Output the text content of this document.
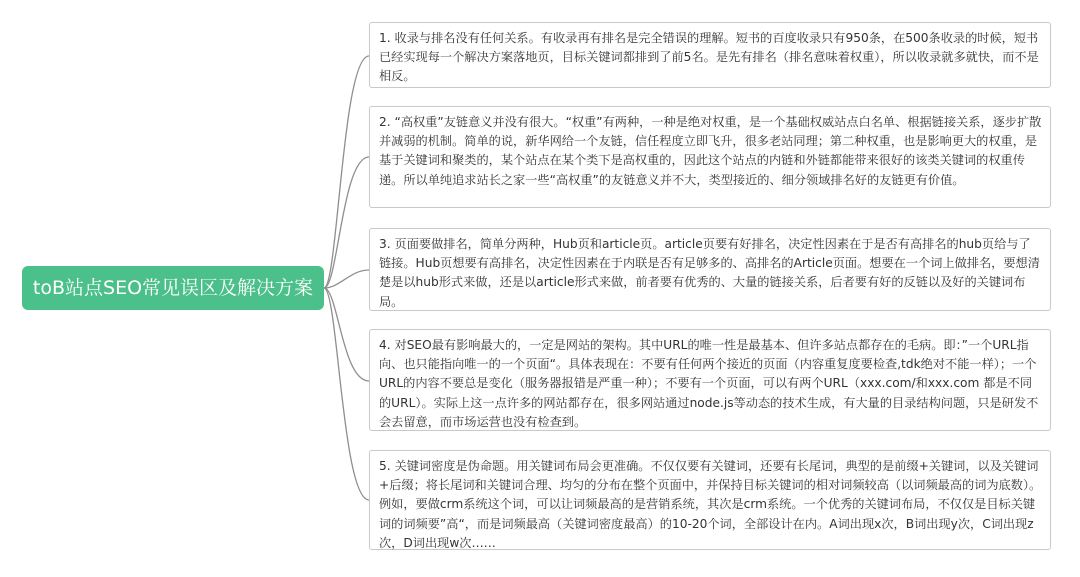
toB站点SEO常见误区及解决方案
1. 收录与排名没有任何关系。有收录再有排名是完全错误的理解。短书的百度收录只有950条，在500条收录的时候，短书已经实现每一个解决方案落地页，目标关键词都排到了前5名。是先有排名（排名意味着权重），所以收录就多就快，而不是相反。
2. “高权重”友链意义并没有很大。“权重”有两种，一种是绝对权重，是一个基础权威站点白名单、根据链接关系，逐步扩散并减弱的机制。简单的说，新华网给一个友链，信任程度立即飞升，很多老站同理；第二种权重，也是影响更大的权重，是基于关键词和聚类的，某个站点在某个类下是高权重的，因此这个站点的内链和外链都能带来很好的该类关键词的权重传递。所以单纯追求站长之家一些“高权重”的友链意义并不大，类型接近的、细分领域排名好的友链更有价值。
3. 页面要做排名，简单分两种，Hub页和article页。article页要有好排名，决定性因素在于是否有高排名的hub页给与了链接。Hub页想要有高排名，决定性因素在于内联是否有足够多的、高排名的Article页面。想要在一个词上做排名，要想清楚是以hub形式来做，还是以article形式来做，前者要有优秀的、大量的链接关系，后者要有好的反链以及好的关键词布局。
4. 对SEO最有影响最大的，一定是网站的架构。其中URL的唯一性是最基本、但许多站点都存在的毛病。即：”一个URL指向、也只能指向唯一的一个页面“。具体表现在：不要有任何两个接近的页面（内容重复度要检查,tdk绝对不能一样）；一个URL的内容不要总是变化（服务器报错是严重一种）；不要有一个页面，可以有两个URL（xxx.com/和xxx.com 都是不同的URL）。实际上这一点许多的网站都存在，很多网站通过node.js等动态的技术生成，有大量的目录结构问题，只是研发不会去留意，而市场运营也没有检查到。
5. 关键词密度是伪命题。用关键词布局会更准确。不仅仅要有关键词，还要有长尾词，典型的是前缀+关键词，以及关键词+后缀；将长尾词和关键词合理、均匀的分布在整个页面中，并保持目标关键词的相对词频较高（以词频最高的词为底数）。例如，要做crm系统这个词，可以让词频最高的是营销系统，其次是crm系统。一个优秀的关键词布局，不仅仅是目标关键词的词频要”高“，而是词频最高（关键词密度最高）的10-20个词，全部设计在内。A词出现x次，B词出现y次，C词出现z次，D词出现w次……
